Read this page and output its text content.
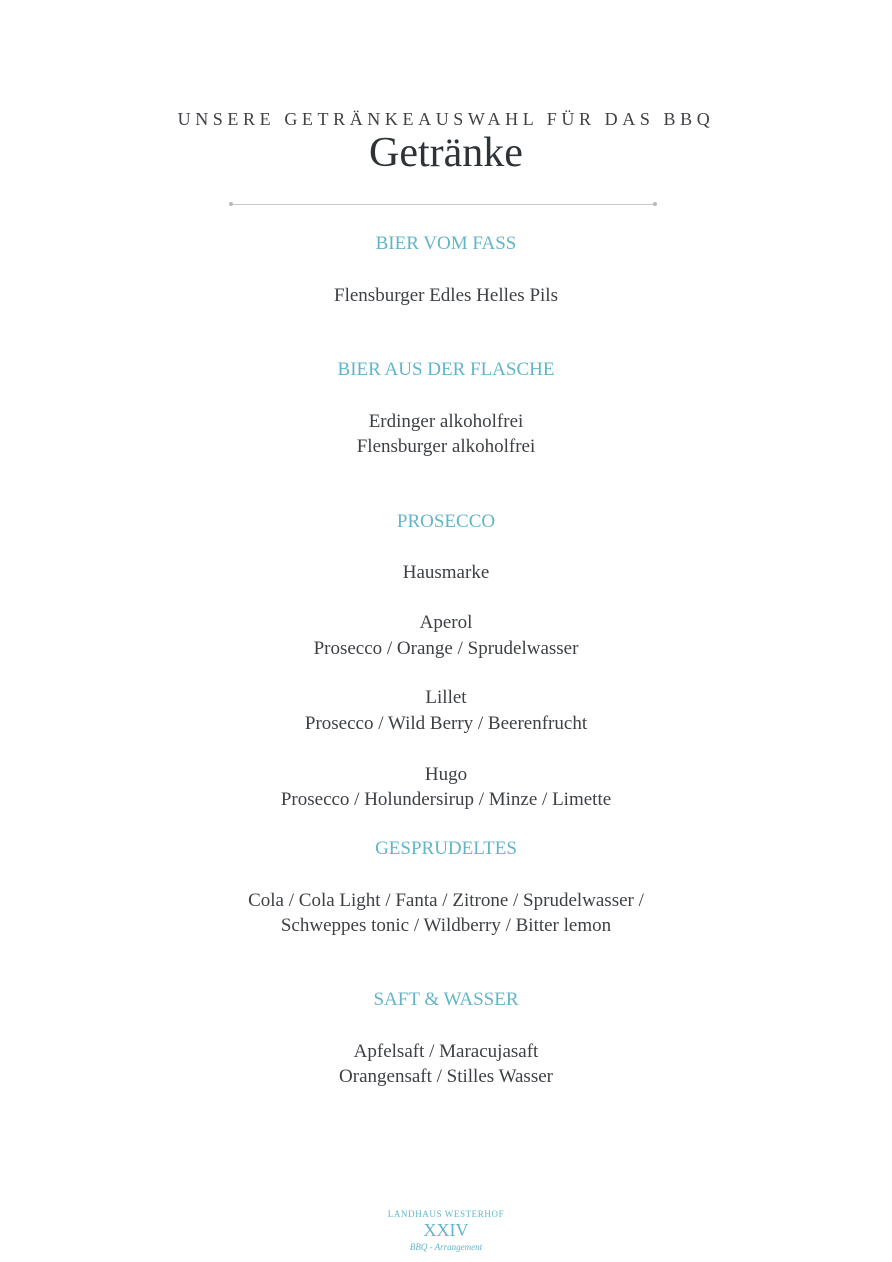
UNSERE GETRÄNKEAUSWAHL FÜR DAS BBQ
Getränke
BIER VOM FASS
Flensburger Edles Helles Pils
BIER AUS DER FLASCHE
Erdinger alkoholfrei
Flensburger alkoholfrei
PROSECCO
Hausmarke
Aperol
Prosecco / Orange / Sprudelwasser
Lillet
Prosecco / Wild Berry / Beerenfrucht
Hugo
Prosecco / Holundersirup / Minze / Limette
GESPRUDELTES
Cola / Cola Light / Fanta / Zitrone / Sprudelwasser /
Schweppes tonic / Wildberry / Bitter lemon
SAFT & WASSER
Apfelsaft / Maracujasaft
Orangensaft / Stilles Wasser
LANDHAUS WESTERHOF
XXIV
BBQ - Arrangement
